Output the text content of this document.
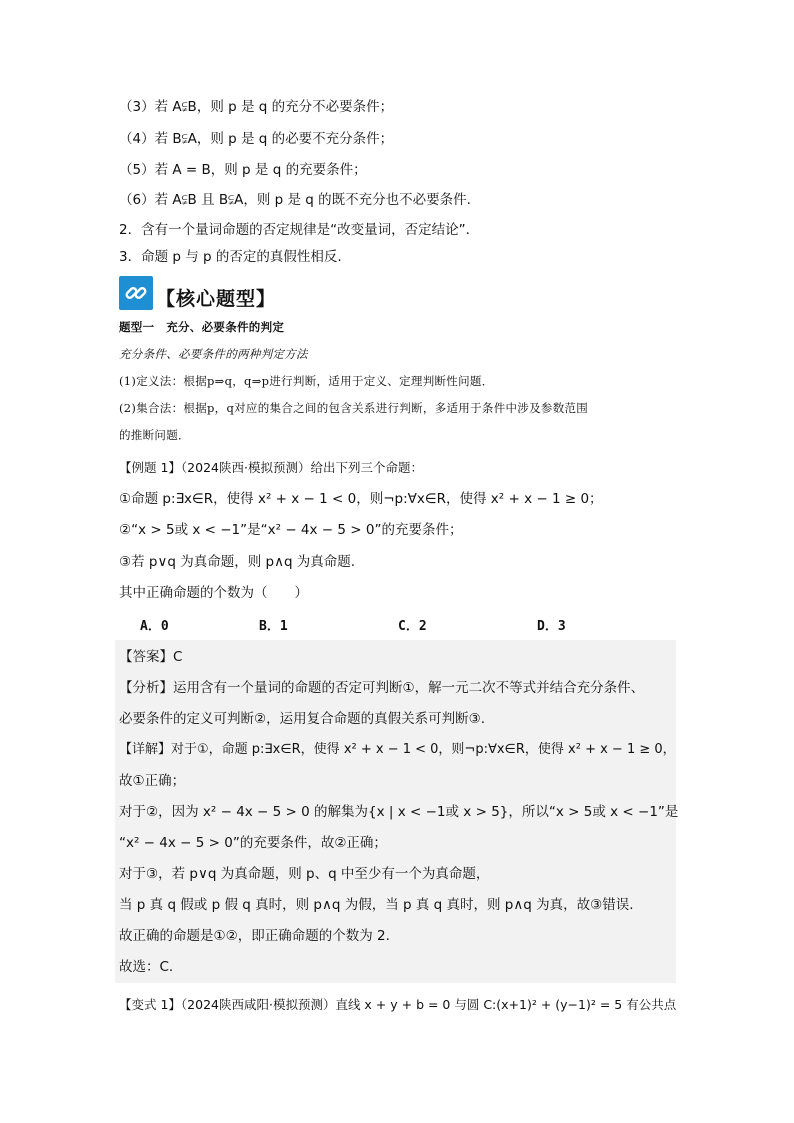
（3）若 A⫋B，则 p 是 q 的充分不必要条件；
（4）若 B⫋A，则 p 是 q 的必要不充分条件；
（5）若 A = B，则 p 是 q 的充要条件；
（6）若 A⫋B 且 B⫋A，则 p 是 q 的既不充分也不必要条件.
2．含有一个量词命题的否定规律是“改变量词，否定结论”．
3．命题 p 与 p 的否定的真假性相反.
【核心题型】
题型一　充分、必要条件的判定
充分条件、必要条件的两种判定方法
(1)定义法：根据p⇒q，q⇒p进行判断，适用于定义、定理判断性问题．
(2)集合法：根据p，q对应的集合之间的包含关系进行判断，多适用于条件中涉及参数范围
的推断问题．
【例题 1】（2024陕西·模拟预测）给出下列三个命题：
①命题 p:∃x∈R，使得 x² + x − 1 < 0，则¬p:∀x∈R，使得 x² + x − 1 ≥ 0；
②“x > 5或 x < −1”是“x² − 4x − 5 > 0”的充要条件；
③若 p∨q 为真命题，则 p∧q 为真命题.
其中正确命题的个数为（　　）
A．0	B．1	C．2	D．3
【答案】C
【分析】运用含有一个量词的命题的否定可判断①，解一元二次不等式并结合充分条件、
必要条件的定义可判断②，运用复合命题的真假关系可判断③.
【详解】对于①，命题 p:∃x∈R，使得 x² + x − 1 < 0，则¬p:∀x∈R，使得 x² + x − 1 ≥ 0，
故①正确；
对于②，因为 x² − 4x − 5 > 0 的解集为{x | x < −1或 x > 5}，所以“x > 5或 x < −1”是
“x² − 4x − 5 > 0”的充要条件，故②正确；
对于③，若 p∨q 为真命题，则 p、q 中至少有一个为真命题，
当 p 真 q 假或 p 假 q 真时，则 p∧q 为假，当 p 真 q 真时，则 p∧q 为真，故③错误.
故正确的命题是①②，即正确命题的个数为 2.
故选：C.
【变式 1】（2024陕西咸阳·模拟预测）直线 x + y + b = 0 与圆 C:(x+1)² + (y−1)² = 5 有公共点
